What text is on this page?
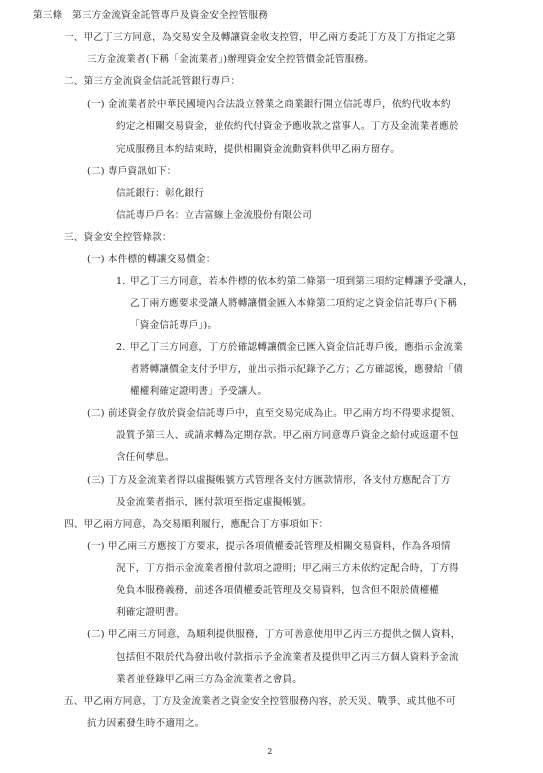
第三條　第三方金流資金託管專戶及資金安全控管服務
一、甲乙丁三方同意，為交易安全及轉讓資金收支控管，甲乙兩方委託丁方及丁方指定之第
三方金流業者(下稱「金流業者」)辦理資金安全控管價金託管服務。
二、第三方金流資金信託託管銀行專戶：
(一) 金流業者於中華民國境內合法設立營業之商業銀行開立信託專戶，依約代收本約
約定之相關交易資金，並依約代付資金予應收款之當事人。丁方及金流業者應於
完成服務且本約結束時，提供相關資金流動資料供甲乙兩方留存。
(二) 專戶資訊如下：
信託銀行：彰化銀行
信託專戶戶名：立吉富線上金流股份有限公司
三、資金安全控管條款：
(一) 本件標的轉讓交易價金：
1. 甲乙丁三方同意，若本件標的依本約第二條第一項到第三項約定轉讓予受讓人，
乙丁兩方應要求受讓人將轉讓價金匯入本條第二項約定之資金信託專戶(下稱
「資金信託專戶」)。
2. 甲乙丁三方同意，丁方於確認轉讓價金已匯入資金信託專戶後，應指示金流業
者將轉讓價金支付予甲方，並出示指示紀錄予乙方；乙方確認後，應發給「債
權權利確定證明書」予受讓人。
(二) 前述資金存放於資金信託專戶中，直至交易完成為止。甲乙兩方均不得要求提領、
設質予第三人、或請求轉為定期存款。甲乙兩方同意專戶資金之給付或返還不包
含任何孳息。
(三) 丁方及金流業者得以虛擬帳號方式管理各支付方匯款情形，各支付方應配合丁方
及金流業者指示，匯付款項至指定虛擬帳號。
四、甲乙兩方同意，為交易順利履行，應配合丁方事項如下：
(一) 甲乙兩三方應按丁方要求，提示各項債權委託管理及相關交易資料，作為各項情
況下，丁方指示金流業者撥付款項之證明；甲乙兩三方未依約定配合時，丁方得
免負本服務義務，前述各項債權委託管理及交易資料，包含但不限於債權權
利確定證明書。
(二) 甲乙兩三方同意，為順利提供服務，丁方可善意使用甲乙丙三方提供之個人資料，
包括但不限於代為發出收付款指示予金流業者及提供甲乙丙三方個人資料予金流
業者並登錄甲乙兩三方為金流業者之會員。
五、甲乙兩方同意，丁方及金流業者之資金安全控管服務內容，於天災、戰爭、或其他不可
抗力因素發生時不適用之。
2
